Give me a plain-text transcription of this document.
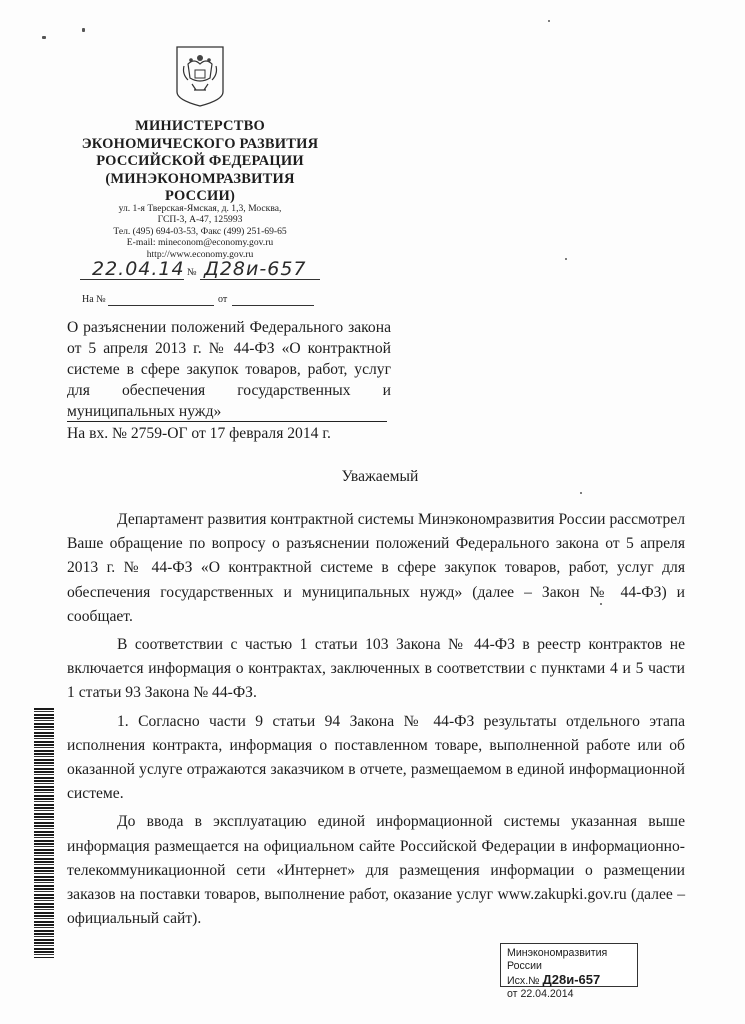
МИНИСТЕРСТВО
ЭКОНОМИЧЕСКОГО РАЗВИТИЯ
РОССИЙСКОЙ ФЕДЕРАЦИИ
(МИНЭКОНОМРАЗВИТИЯ РОССИИ)
ул. 1-я Тверская-Ямская, д. 1,3, Москва,
ГСП-3, А-47, 125993
Тел. (495) 694-03-53, Факс (499) 251-69-65
E-mail: mineconom@economy.gov.ru
http://www.economy.gov.ru
22.04.14 № Д28и-657
На №	от
О разъяснении положений Федерального закона от 5 апреля 2013 г. № 44-ФЗ «О контрактной системе в сфере закупок товаров, работ, услуг для обеспечения государственных и муниципальных нужд»
На вх. № 2759-ОГ от 17 февраля 2014 г.
Уважаемый

Департамент развития контрактной системы Минэкономразвития России рассмотрел Ваше обращение по вопросу о разъяснении положений Федерального закона от 5 апреля 2013 г. № 44-ФЗ «О контрактной системе в сфере закупок товаров, работ, услуг для обеспечения государственных и муниципальных нужд» (далее – Закон № 44-ФЗ) и сообщает.

В соответствии с частью 1 статьи 103 Закона № 44-ФЗ в реестр контрактов не включается информация о контрактах, заключенных в соответствии с пунктами 4 и 5 части 1 статьи 93 Закона № 44-ФЗ.

1. Согласно части 9 статьи 94 Закона № 44-ФЗ результаты отдельного этапа исполнения контракта, информация о поставленном товаре, выполненной работе или об оказанной услуге отражаются заказчиком в отчете, размещаемом в единой информационной системе.

До ввода в эксплуатацию единой информационной системы указанная выше информация размещается на официальном сайте Российской Федерации в информационно-телекоммуникационной сети «Интернет» для размещения информации о размещении заказов на поставки товаров, выполнение работ, оказание услуг www.zakupki.gov.ru (далее – официальный сайт).

Минэкономразвития России
Исх.№ Д28и-657
от 22.04.2014
